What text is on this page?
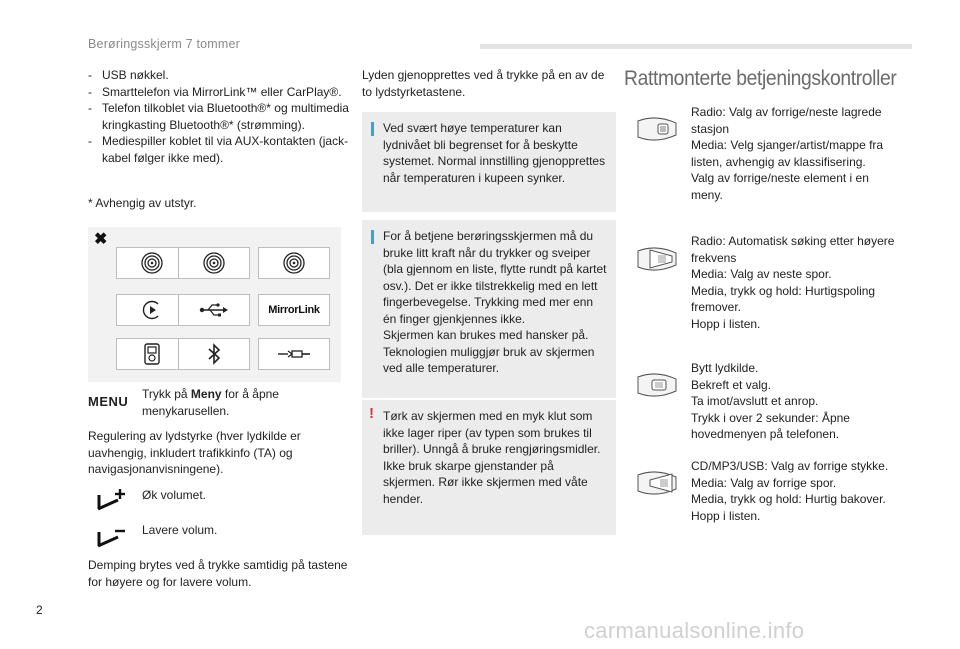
Berøringsskjerm 7 tommer
- USB nøkkel.
- Smarttelefon via MirrorLink™ eller CarPlay®.
- Telefon tilkoblet via Bluetooth®* og multimedia kringkasting Bluetooth®* (strømming).
- Mediespiller koblet til via AUX-kontakten (jack-kabel følger ikke med).
* Avhengig av utstyr.
✖
MirrorLink
MENU Trykk på Meny for å åpne menykarusellen.
Regulering av lydstyrke (hver lydkilde er uavhengig, inkludert trafikkinfo (TA) og navigasjonanvisningene).
Øk volumet.
Lavere volum.
Demping brytes ved å trykke samtidig på tastene for høyere og for lavere volum.
Lyden gjenopprettes ved å trykke på en av de to lydstyrketastene.
Ved svært høye temperaturer kan lydnivået bli begrenset for å beskytte systemet. Normal innstilling gjenopprettes når temperaturen i kupeen synker.
For å betjene berøringsskjermen må du bruke litt kraft når du trykker og sveiper (bla gjennom en liste, flytte rundt på kartet osv.). Det er ikke tilstrekkelig med en lett fingerbevegelse. Trykking med mer enn én finger gjenkjennes ikke.
Skjermen kan brukes med hansker på. Teknologien muliggjør bruk av skjermen ved alle temperaturer.
! Tørk av skjermen med en myk klut som ikke lager riper (av typen som brukes til briller). Unngå å bruke rengjøringsmidler. Ikke bruk skarpe gjenstander på skjermen. Rør ikke skjermen med våte hender.
Rattmonterte betjeningskontroller
Radio: Valg av forrige/neste lagrede stasjon
Media: Velg sjanger/artist/mappe fra listen, avhengig av klassifisering.
Valg av forrige/neste element i en meny.
Radio: Automatisk søking etter høyere frekvens
Media: Valg av neste spor.
Media, trykk og hold: Hurtigspoling fremover.
Hopp i listen.
Bytt lydkilde.
Bekreft et valg.
Ta imot/avslutt et anrop.
Trykk i over 2 sekunder: Åpne hovedmenyen på telefonen.
CD/MP3/USB: Valg av forrige stykke.
Media: Valg av forrige spor.
Media, trykk og hold: Hurtig bakover.
Hopp i listen.
2
carmanualsonline.info
